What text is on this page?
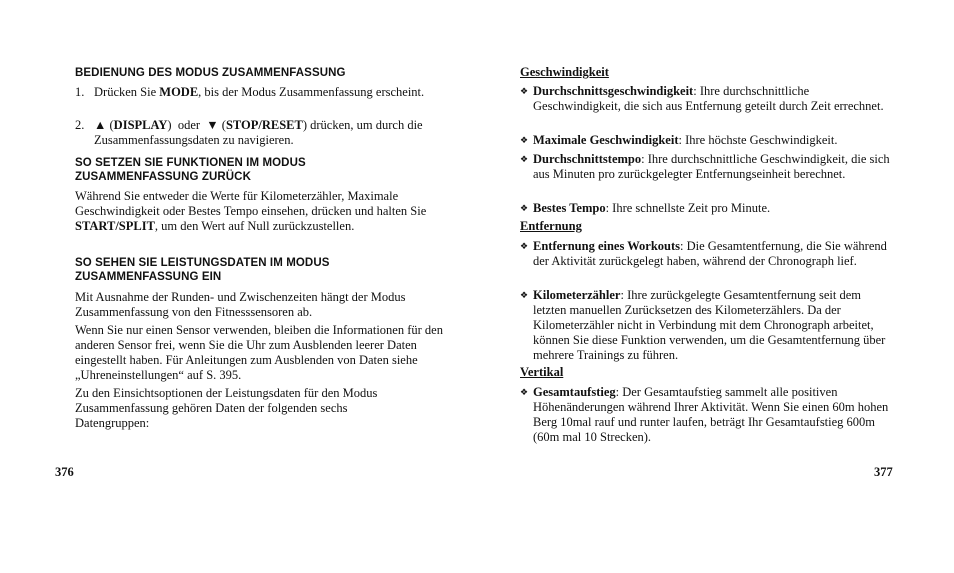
BEDIENUNG DES MODUS ZUSAMMENFASSUNG
1. Drücken Sie MODE, bis der Modus Zusammenfassung erscheint.
2. ▲ (DISPLAY)  oder  ▼ (STOP/RESET) drücken, um durch die Zusammenfassungsdaten zu navigieren.
SO SETZEN SIE FUNKTIONEN IM MODUS ZUSAMMENFASSUNG ZURÜCK
Während Sie entweder die Werte für Kilometerzähler, Maximale Geschwindigkeit oder Bestes Tempo einsehen, drücken und halten Sie START/SPLIT, um den Wert auf Null zurückzustellen.
SO SEHEN SIE LEISTUNGSDATEN IM MODUS ZUSAMMENFASSUNG EIN
Mit Ausnahme der Runden- und Zwischenzeiten hängt der Modus Zusammenfassung von den Fitnesssensoren ab.
Wenn Sie nur einen Sensor verwenden, bleiben die Informationen für den anderen Sensor frei, wenn Sie die Uhr zum Ausblenden leerer Daten eingestellt haben. Für Anleitungen zum Ausblenden von Daten siehe „Uhreneinstellungen“ auf S. 395.
Zu den Einsichtsoptionen der Leistungsdaten für den Modus Zusammenfassung gehören Daten der folgenden sechs Datengruppen:
376
Geschwindigkeit
❖ Durchschnittsgeschwindigkeit: Ihre durchschnittliche Geschwindigkeit, die sich aus Entfernung geteilt durch Zeit errechnet.
❖ Maximale Geschwindigkeit: Ihre höchste Geschwindigkeit.
❖ Durchschnittstempo: Ihre durchschnittliche Geschwindigkeit, die sich aus Minuten pro zurückgelegter Entfernungseinheit berechnet.
❖ Bestes Tempo: Ihre schnellste Zeit pro Minute.
Entfernung
❖ Entfernung eines Workouts: Die Gesamtentfernung, die Sie während der Aktivität zurückgelegt haben, während der Chronograph lief.
❖ Kilometerzähler: Ihre zurückgelegte Gesamtentfernung seit dem letzten manuellen Zurücksetzen des Kilometerzählers. Da der Kilometerzähler nicht in Verbindung mit dem Chronograph arbeitet, können Sie diese Funktion verwenden, um die Gesamtentfernung über mehrere Trainings zu führen.
Vertikal
❖ Gesamtaufstieg: Der Gesamtaufstieg sammelt alle positiven Höhenänderungen während Ihrer Aktivität. Wenn Sie einen 60m hohen Berg 10mal rauf und runter laufen, beträgt Ihr Gesamtaufstieg 600m (60m mal 10 Strecken).
377
